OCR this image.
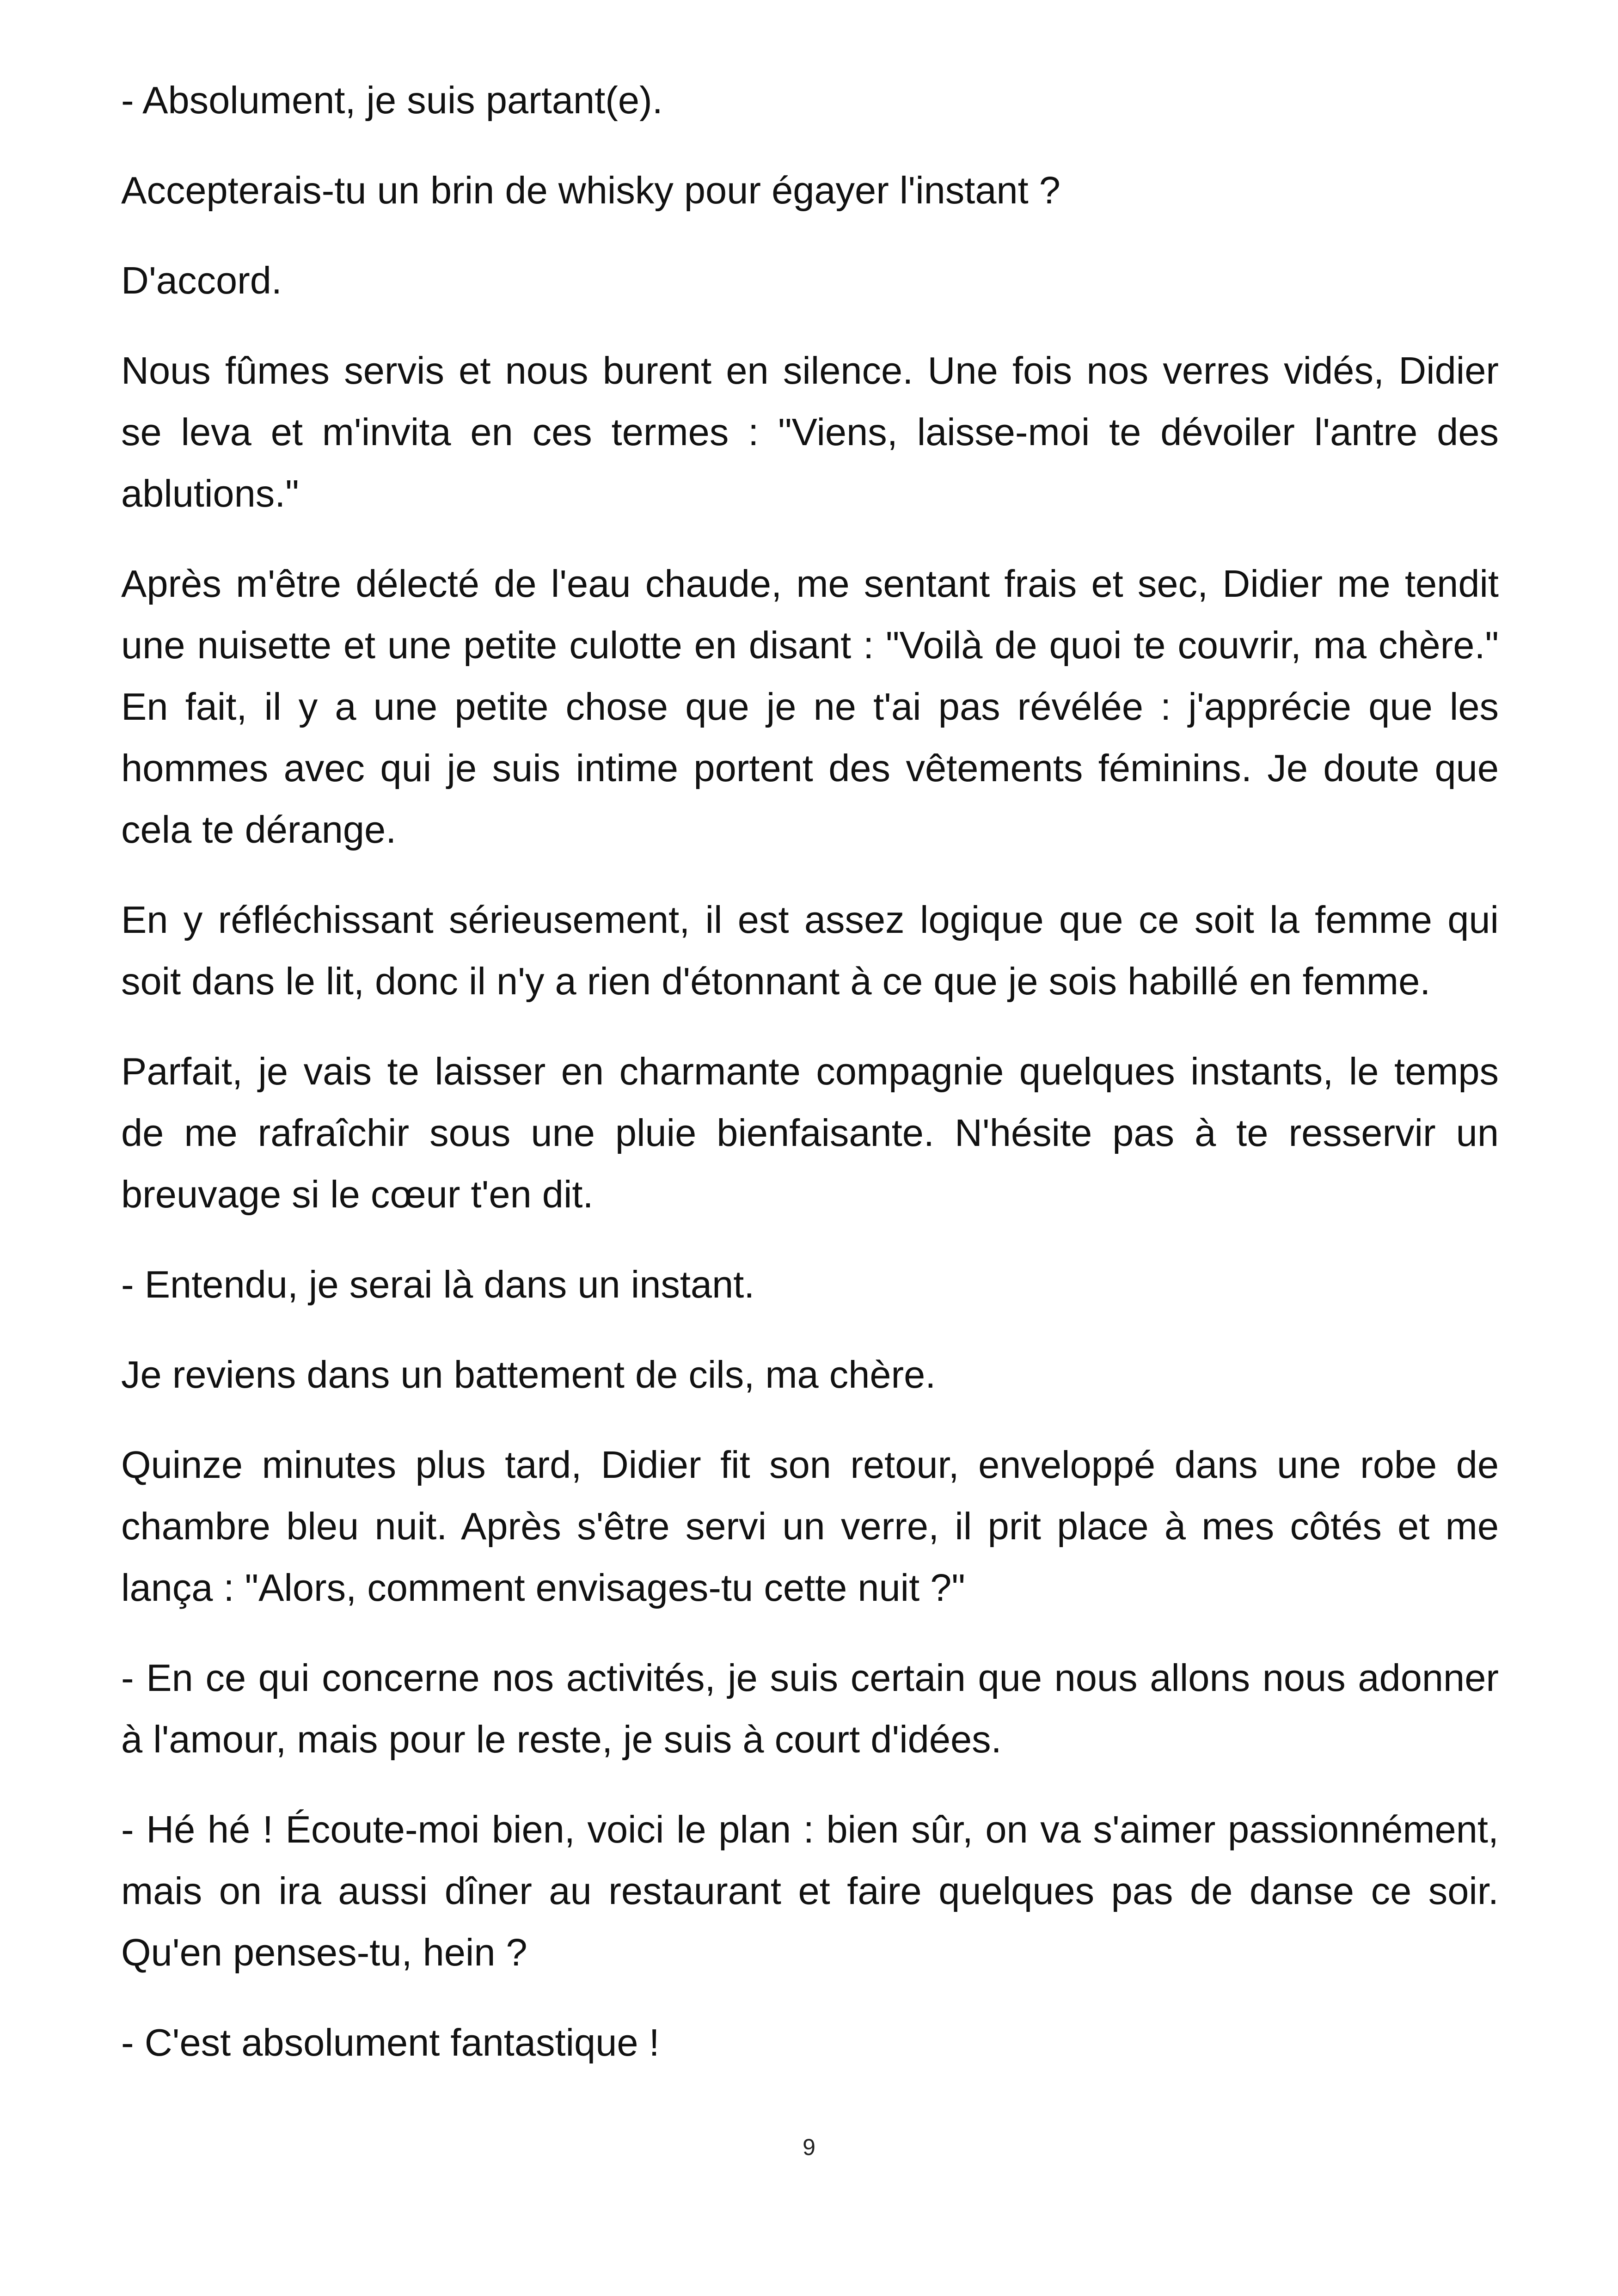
- Absolument, je suis partant(e).

Accepterais-tu un brin de whisky pour égayer l'instant ?

D'accord.

Nous fûmes servis et nous burent en silence. Une fois nos verres vidés, Didier se leva et m'invita en ces termes : "Viens, laisse-moi te dévoiler l'antre des ablutions."

Après m'être délecté de l'eau chaude, me sentant frais et sec, Didier me tendit une nuisette et une petite culotte en disant : "Voilà de quoi te couvrir, ma chère." En fait, il y a une petite chose que je ne t'ai pas révélée : j'apprécie que les hommes avec qui je suis intime portent des vêtements féminins. Je doute que cela te dérange.

En y réfléchissant sérieusement, il est assez logique que ce soit la femme qui soit dans le lit, donc il n'y a rien d'étonnant à ce que je sois habillé en femme.

Parfait, je vais te laisser en charmante compagnie quelques instants, le temps de me rafraîchir sous une pluie bienfaisante. N'hésite pas à te resservir un breuvage si le cœur t'en dit.

- Entendu, je serai là dans un instant.

Je reviens dans un battement de cils, ma chère.

Quinze minutes plus tard, Didier fit son retour, enveloppé dans une robe de chambre bleu nuit. Après s'être servi un verre, il prit place à mes côtés et me lança : "Alors, comment envisages-tu cette nuit ?"

- En ce qui concerne nos activités, je suis certain que nous allons nous adonner à l'amour, mais pour le reste, je suis à court d'idées.

- Hé hé ! Écoute-moi bien, voici le plan : bien sûr, on va s'aimer passionnément, mais on ira aussi dîner au restaurant et faire quelques pas de danse ce soir. Qu'en penses-tu, hein ?

- C'est absolument fantastique !

9
